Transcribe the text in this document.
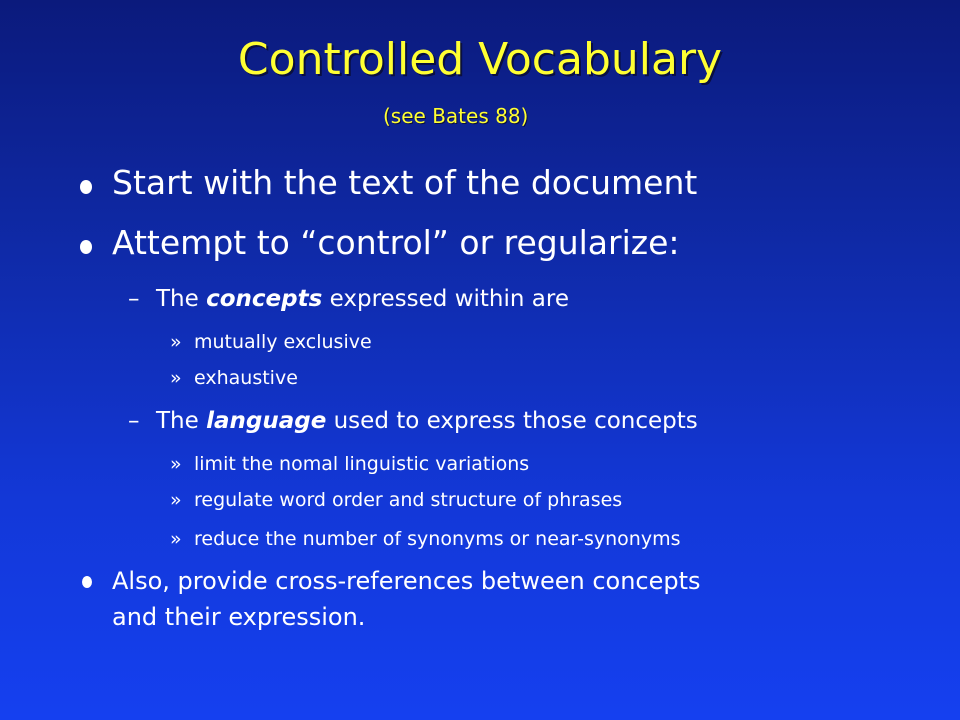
Controlled Vocabulary
(see Bates 88)
Start with the text of the document
Attempt to “control” or regularize:
– The concepts expressed within are
» mutually exclusive
» exhaustive
– The language used to express those concepts
» limit the nomal linguistic variations
» regulate word order and structure of phrases
» reduce the number of synonyms or near-synonyms
Also, provide cross-references between concepts
and their expression.
